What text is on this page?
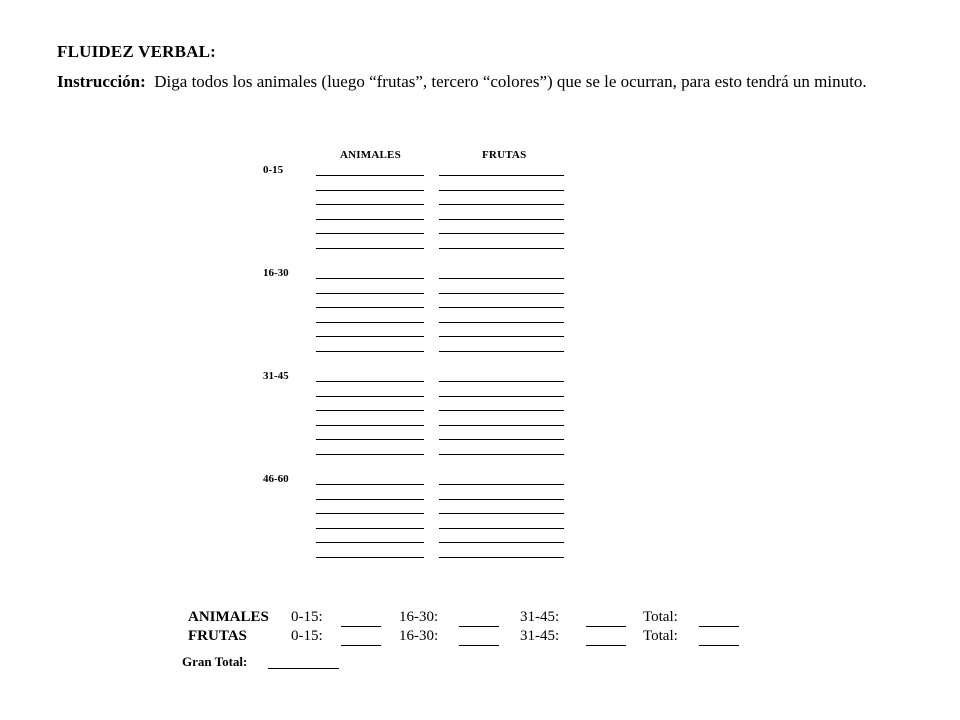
FLUIDEZ VERBAL:
Instrucción: Diga todos los animales (luego “frutas”, tercero “colores”) que se le ocurran, para esto tendrá un minuto.
ANIMALES	FRUTAS
0-15
16-30
31-45
46-60
ANIMALES 0-15:	16-30:	31-45:	Total:
FRUTAS	0-15:	16-30:	31-45:	Total:
Gran Total:
